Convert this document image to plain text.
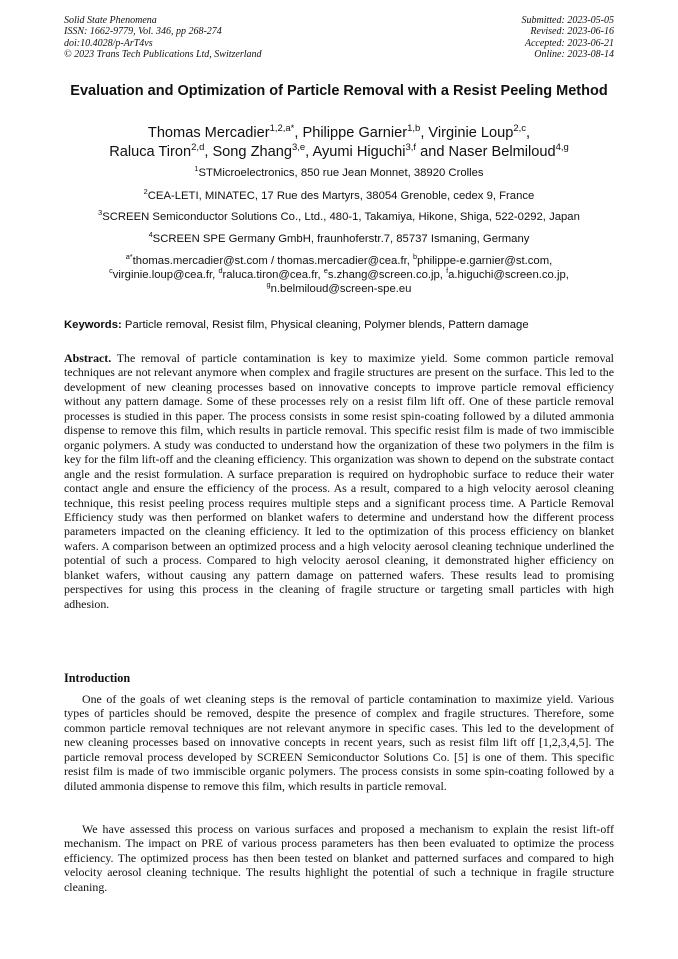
Solid State Phenomena
ISSN: 1662-9779, Vol. 346, pp 268-274
doi:10.4028/p-ArT4vs
© 2023 Trans Tech Publications Ltd, Switzerland
Submitted: 2023-05-05
Revised: 2023-06-16
Accepted: 2023-06-21
Online: 2023-08-14
Evaluation and Optimization of Particle Removal with a Resist Peeling Method
Thomas Mercadier$^{1,2,a*}$, Philippe Garnier$^{1,b}$, Virginie Loup$^{2,c}$,
Raluca Tiron$^{2,d}$, Song Zhang$^{3,e}$, Ayumi Higuchi$^{3,f}$ and Naser Belmiloud$^{4,g}$
$^1$STMicroelectronics, 850 rue Jean Monnet, 38920 Crolles
$^2$CEA-LETI, MINATEC, 17 Rue des Martyrs, 38054 Grenoble, cedex 9, France
$^3$SCREEN Semiconductor Solutions Co., Ltd., 480-1, Takamiya, Hikone, Shiga, 522-0292, Japan
$^4$SCREEN SPE Germany GmbH, fraunhoferstr.7, 85737 Ismaning, Germany
$^{a*}$thomas.mercadier@st.com / thomas.mercadier@cea.fr, $^b$philippe-e.garnier@st.com,
$^c$virginie.loup@cea.fr, $^d$raluca.tiron@cea.fr, $^e$s.zhang@screen.co.jp, $^f$a.higuchi@screen.co.jp,
$^g$n.belmiloud@screen-spe.eu
Keywords: Particle removal, Resist film, Physical cleaning, Polymer blends, Pattern damage

Abstract. The removal of particle contamination is key to maximize yield. Some common particle removal techniques are not relevant anymore when complex and fragile structures are present on the surface. This led to the development of new cleaning processes based on innovative concepts to improve particle removal efficiency without any pattern damage. Some of these processes rely on a resist film lift off. One of these particle removal processes is studied in this paper. The process consists in some resist spin-coating followed by a diluted ammonia dispense to remove this film, which results in particle removal. This specific resist film is made of two immiscible organic polymers. A study was conducted to understand how the organization of these two polymers in the film is key for the film lift-off and the cleaning efficiency. This organization was shown to depend on the substrate contact angle and the resist formulation. A surface preparation is required on hydrophobic surface to reduce their water contact angle and ensure the efficiency of the process. As a result, compared to a high velocity aerosol cleaning technique, this resist peeling process requires multiple steps and a significant process time. A Particle Removal Efficiency study was then performed on blanket wafers to determine and understand how the different process parameters impacted on the cleaning efficiency. It led to the optimization of this process efficiency on blanket wafers. A comparison between an optimized process and a high velocity aerosol cleaning technique underlined the potential of such a process. Compared to high velocity aerosol cleaning, it demonstrated higher efficiency on blanket wafers, without causing any pattern damage on patterned wafers. These results lead to promising perspectives for using this process in the cleaning of fragile structure or targeting small particles with high adhesion.

Introduction

One of the goals of wet cleaning steps is the removal of particle contamination to maximize yield. Various types of particles should be removed, despite the presence of complex and fragile structures. Therefore, some common particle removal techniques are not relevant anymore in specific cases. This led to the development of new cleaning processes based on innovative concepts in recent years, such as resist film lift off [1,2,3,4,5]. The particle removal process developed by SCREEN Semiconductor Solutions Co. [5] is one of them. This specific resist film is made of two immiscible organic polymers. The process consists in some spin-coating followed by a diluted ammonia dispense to remove this film, which results in particle removal.

We have assessed this process on various surfaces and proposed a mechanism to explain the resist lift-off mechanism. The impact on PRE of various process parameters has then been evaluated to optimize the process efficiency. The optimized process has then been tested on blanket and patterned surfaces and compared to high velocity aerosol cleaning technique. The results highlight the potential of such a technique in fragile structure cleaning.
